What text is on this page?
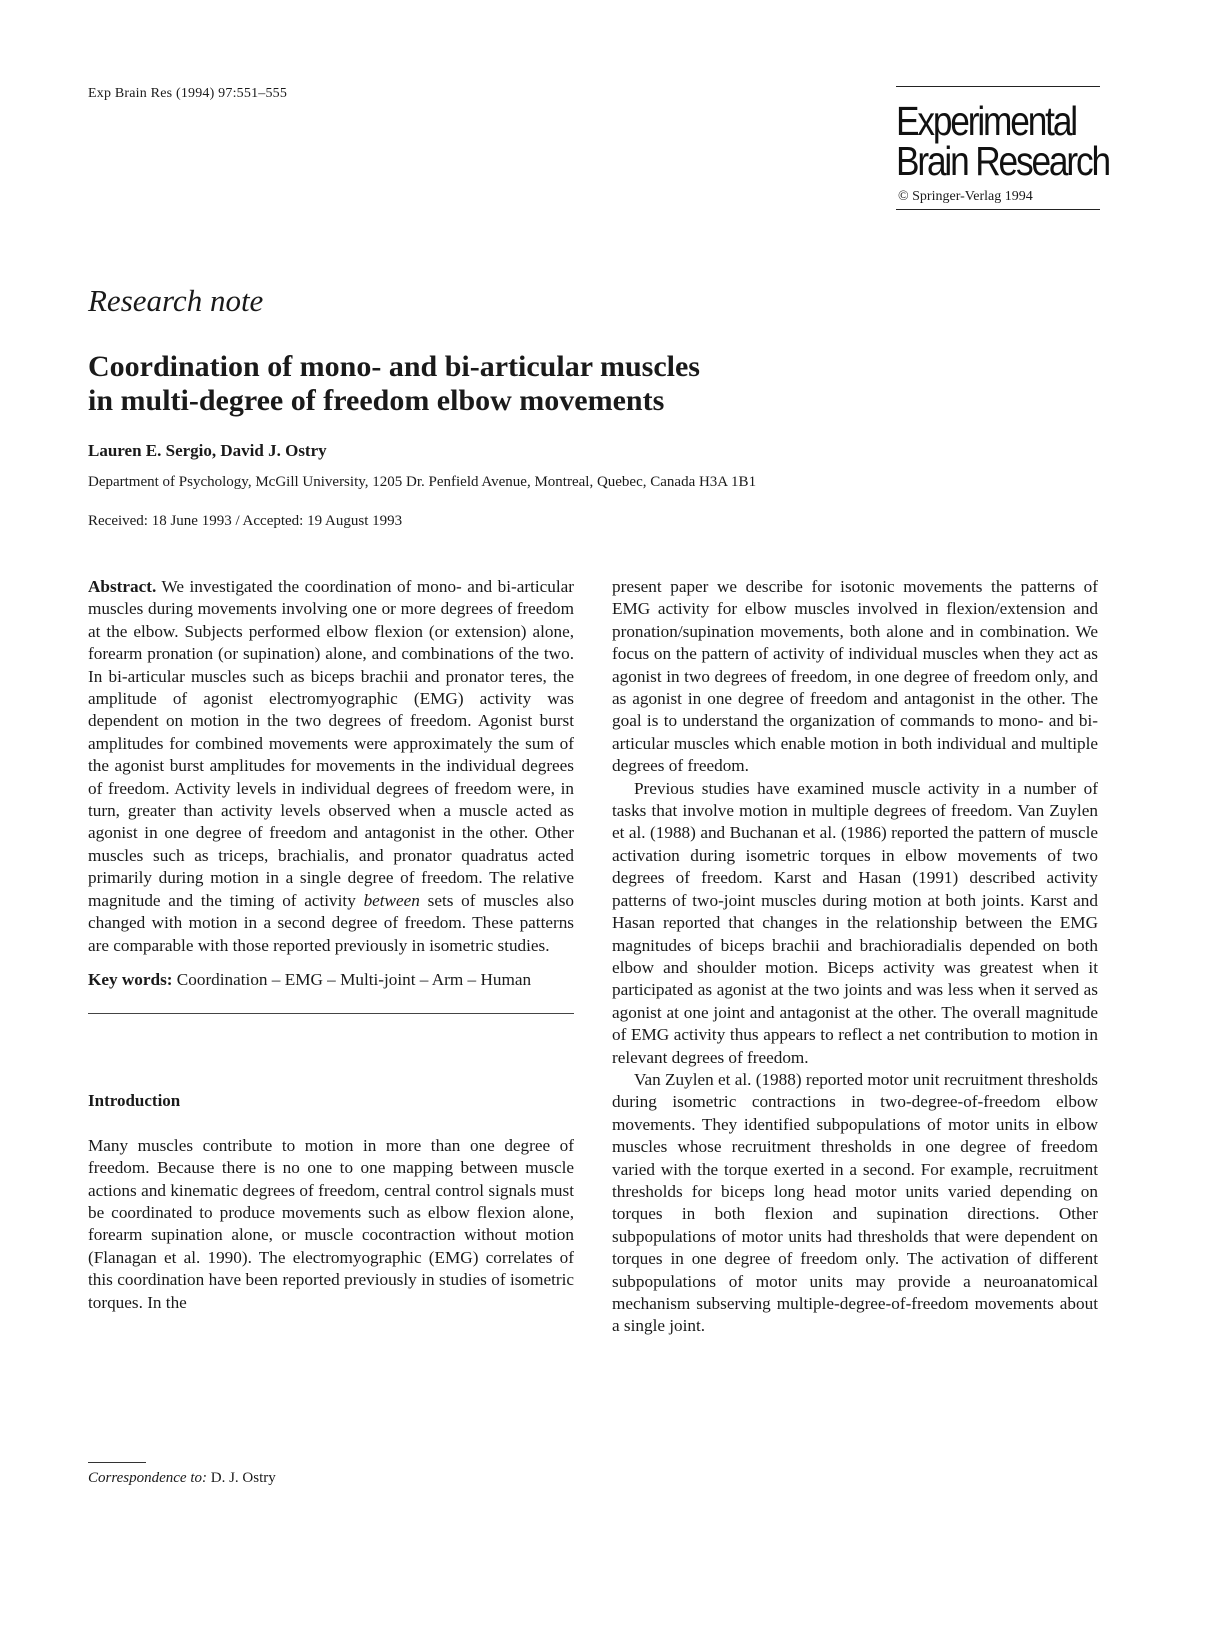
Exp Brain Res (1994) 97:551–555
Experimental
Brain Research
© Springer-Verlag 1994
Research note
Coordination of mono- and bi-articular muscles
in multi-degree of freedom elbow movements
Lauren E. Sergio, David J. Ostry
Department of Psychology, McGill University, 1205 Dr. Penfield Avenue, Montreal, Quebec, Canada H3A 1B1
Received: 18 June 1993 / Accepted: 19 August 1993

Abstract. We investigated the coordination of mono- and bi-articular muscles during movements involving one or more degrees of freedom at the elbow. Subjects performed elbow flexion (or extension) alone, forearm pronation (or supination) alone, and combinations of the two. In bi-articular muscles such as biceps brachii and pronator teres, the amplitude of agonist electromyographic (EMG) activity was dependent on motion in the two degrees of freedom. Agonist burst amplitudes for combined movements were approximately the sum of the agonist burst amplitudes for movements in the individual degrees of freedom. Activity levels in individual degrees of freedom were, in turn, greater than activity levels observed when a muscle acted as agonist in one degree of freedom and antagonist in the other. Other muscles such as triceps, brachialis, and pronator quadratus acted primarily during motion in a single degree of freedom. The relative magnitude and the timing of activity between sets of muscles also changed with motion in a second degree of freedom. These patterns are comparable with those reported previously in isometric studies.

Key words: Coordination – EMG – Multi-joint – Arm – Human

Introduction

Many muscles contribute to motion in more than one degree of freedom. Because there is no one to one mapping between muscle actions and kinematic degrees of freedom, central control signals must be coordinated to produce movements such as elbow flexion alone, forearm supination alone, or muscle cocontraction without motion (Flanagan et al. 1990). The electromyographic (EMG) correlates of this coordination have been reported previously in studies of isometric torques. In the

present paper we describe for isotonic movements the patterns of EMG activity for elbow muscles involved in flexion/extension and pronation/supination movements, both alone and in combination. We focus on the pattern of activity of individual muscles when they act as agonist in two degrees of freedom, in one degree of freedom only, and as agonist in one degree of freedom and antagonist in the other. The goal is to understand the organization of commands to mono- and bi-articular muscles which enable motion in both individual and multiple degrees of freedom.

Previous studies have examined muscle activity in a number of tasks that involve motion in multiple degrees of freedom. Van Zuylen et al. (1988) and Buchanan et al. (1986) reported the pattern of muscle activation during isometric torques in elbow movements of two degrees of freedom. Karst and Hasan (1991) described activity patterns of two-joint muscles during motion at both joints. Karst and Hasan reported that changes in the relationship between the EMG magnitudes of biceps brachii and brachioradialis depended on both elbow and shoulder motion. Biceps activity was greatest when it participated as agonist at the two joints and was less when it served as agonist at one joint and antagonist at the other. The overall magnitude of EMG activity thus appears to reflect a net contribution to motion in relevant degrees of freedom.

Van Zuylen et al. (1988) reported motor unit recruitment thresholds during isometric contractions in two-degree-of-freedom elbow movements. They identified subpopulations of motor units in elbow muscles whose recruitment thresholds in one degree of freedom varied with the torque exerted in a second. For example, recruitment thresholds for biceps long head motor units varied depending on torques in both flexion and supination directions. Other subpopulations of motor units had thresholds that were dependent on torques in one degree of freedom only. The activation of different subpopulations of motor units may provide a neuroanatomical mechanism subserving multiple-degree-of-freedom movements about a single joint.

Correspondence to: D. J. Ostry
